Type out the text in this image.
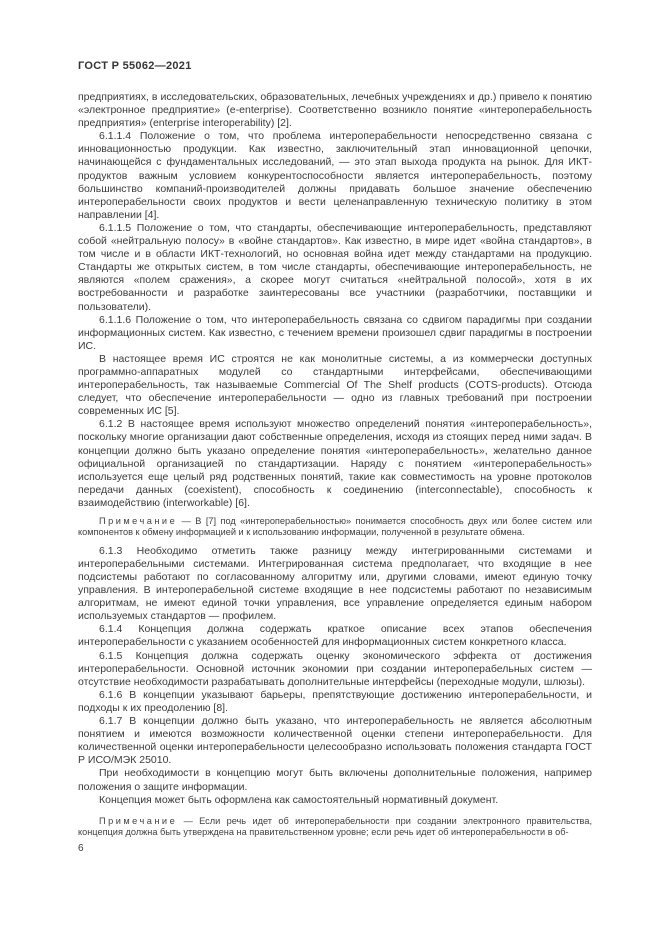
ГОСТ Р 55062—2021

предприятиях, в исследовательских, образовательных, лечебных учреждениях и др.) привело к понятию «электронное предприятие» (e-enterprise). Соответственно возникло понятие «интероперабельность предприятия» (enterprise interoperability) [2].

6.1.1.4 Положение о том, что проблема интероперабельности непосредственно связана с инновационностью продукции. Как известно, заключительный этап инновационной цепочки, начинающейся с фундаментальных исследований, — это этап выхода продукта на рынок. Для ИКТ-продуктов важным условием конкурентоспособности является интероперабельность, поэтому большинство компаний-производителей должны придавать большое значение обеспечению интероперабельности своих продуктов и вести целенаправленную техническую политику в этом направлении [4].

6.1.1.5 Положение о том, что стандарты, обеспечивающие интероперабельность, представляют собой «нейтральную полосу» в «войне стандартов». Как известно, в мире идет «война стандартов», в том числе и в области ИКТ-технологий, но основная война идет между стандартами на продукцию. Стандарты же открытых систем, в том числе стандарты, обеспечивающие интероперабельность, не являются «полем сражения», а скорее могут считаться «нейтральной полосой», хотя в их востребованности и разработке заинтересованы все участники (разработчики, поставщики и пользователи).

6.1.1.6 Положение о том, что интероперабельность связана со сдвигом парадигмы при создании информационных систем. Как известно, с течением времени произошел сдвиг парадигмы в построении ИС.

В настоящее время ИС строятся не как монолитные системы, а из коммерчески доступных программно-аппаратных модулей со стандартными интерфейсами, обеспечивающими интероперабельность, так называемые Commercial Of The Shelf products (COTS-products). Отсюда следует, что обеспечение интероперабельности — одно из главных требований при построении современных ИС [5].

6.1.2 В настоящее время используют множество определений понятия «интероперабельность», поскольку многие организации дают собственные определения, исходя из стоящих перед ними задач. В концепции должно быть указано определение понятия «интероперабельность», желательно данное официальной организацией по стандартизации. Наряду с понятием «интероперабельность» используется еще целый ряд родственных понятий, такие как совместимость на уровне протоколов передачи данных (coexistent), способность к соединению (interconnectable), способность к взаимодействию (interworkable) [6].

Примечание — В [7] под «интероперабельностью» понимается способность двух или более систем или компонентов к обмену информацией и к использованию информации, полученной в результате обмена.

6.1.3 Необходимо отметить также разницу между интегрированными системами и интероперабельными системами. Интегрированная система предполагает, что входящие в нее подсистемы работают по согласованному алгоритму или, другими словами, имеют единую точку управления. В интероперабельной системе входящие в нее подсистемы работают по независимым алгоритмам, не имеют единой точки управления, все управление определяется единым набором используемых стандартов — профилем.

6.1.4 Концепция должна содержать краткое описание всех этапов обеспечения интероперабельности с указанием особенностей для информационных систем конкретного класса.

6.1.5 Концепция должна содержать оценку экономического эффекта от достижения интероперабельности. Основной источник экономии при создании интероперабельных систем — отсутствие необходимости разрабатывать дополнительные интерфейсы (переходные модули, шлюзы).

6.1.6 В концепции указывают барьеры, препятствующие достижению интероперабельности, и подходы к их преодолению [8].

6.1.7 В концепции должно быть указано, что интероперабельность не является абсолютным понятием и имеются возможности количественной оценки степени интероперабельности. Для количественной оценки интероперабельности целесообразно использовать положения стандарта ГОСТ Р ИСО/МЭК 25010.

При необходимости в концепцию могут быть включены дополнительные положения, например положения о защите информации.

Концепция может быть оформлена как самостоятельный нормативный документ.

Примечание — Если речь идет об интероперабельности при создании электронного правительства, концепция должна быть утверждена на правительственном уровне; если речь идет об интероперабельности в об-

6
